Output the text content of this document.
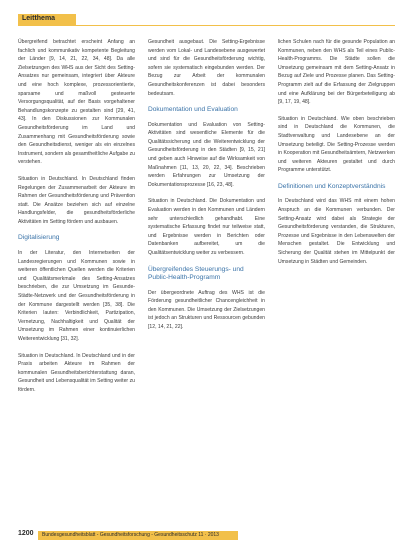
Leitthema

Übergreifend betrachtet erscheint Anfang an fachlich und kommunikativ kompetente Begleitung der Länder [9, 14, 21, 22, 34, 48]. Da alle Zielsetzungen des WHS aus der Sicht des Setting-Ansatzes nur gemeinsam, integriert über Akteure und eine hoch komplexe, prozessorientierte, sparsame und maßvoll gesteuerte Versorgungsqualität, auf der Basis vorgehaltener Behandlungskonzepte zu gestalten sind [29, 41, 43]. In den Diskussionen zur Kommunalen Gesundheitsförderung im Land und Zusammenhang mit Gesundheitsförderung sowie den Gesundheitsdienst, weniger als ein einzelnes Instrument, sondern als gesamtheitliche Aufgabe zu verstehen.

Situation in Deutschland. In Deutschland finden Regelungen der Zusammenarbeit der Akteure im Rahmen der Gesundheitsförderung und Prävention statt. Die Ansätze beziehen sich auf einzelne Handlungsfelder, die gesundheitsförderliche Aktivitäten im Setting fördern und ausbauen.

Digitalisierung

In der Literatur, den Internetseiten der Landesregierungen und Kommunen sowie in weiteren öffentlichen Quellen werden die Kriterien und Qualitätsmerkmale des Setting-Ansatzes beschrieben, die zur Umsetzung im Gesunde-Städte-Netzwerk und der Gesundheitsförderung in der Kommune dargestellt werden [35, 38]. Die Kriterien lauten: Verbindlichkeit, Partizipation, Vernetzung, Nachhaltigkeit und Qualität der Umsetzung im Rahmen einer kontinuierlichen Weiterentwicklung [31, 32].

Situation in Deutschland. In Deutschland und in der Praxis arbeiten Akteure im Rahmen der kommunalen Gesundheitsberichterstattung daran, Gesundheit und Lebensqualität im Setting weiter zu fördern.

Gesundheit ausgebaut. Die Setting-Ergebnisse werden vom Lokal- und Landesebene ausgewertet und sind für die Gesundheitsförderung wichtig, sofern sie systematisch eingebunden werden. Der Bezug zur Arbeit der kommunalen Gesundheitskonferenzen ist dabei besonders bedeutsam.

Dokumentation und Evaluation

Dokumentation und Evaluation von Setting-Aktivitäten sind wesentliche Elemente für die Qualitätssicherung und die Weiterentwicklung der Gesundheitsförderung in den Städten [9, 15, 21] und geben auch Hinweise auf die Wirksamkeit von Maßnahmen [11, 13, 20, 22, 34]. Beschrieben werden Erfahrungen zur Umsetzung der Dokumentationsprozesse [16, 23, 48].

Situation in Deutschland. Die Dokumentation und Evaluation werden in den Kommunen und Ländern sehr unterschiedlich gehandhabt. Eine systematische Erfassung findet nur teilweise statt, und Ergebnisse werden in Berichten oder Datenbanken aufbereitet, um die Qualitätsentwicklung weiter zu verbessern.

Übergreifendes Steuerungs- und Public-Health-Programm

Der übergeordnete Auftrag des WHS ist die Förderung gesundheitlicher Chancengleichheit in den Kommunen. Die Umsetzung der Zielsetzungen ist jedoch an Strukturen und Ressourcen gebunden [12, 14, 21, 22].

lichen Schulen nach für die gesunde Population an Kommunen, neben den WHS als Teil eines Public-Health-Programms. Die Städte sollen die Umsetzung gemeinsam mit dem Setting-Ansatz in Bezug auf Ziele und Prozesse planen. Das Setting-Programm zielt auf die Erfassung der Zielgruppen und eine Aufklärung bei der Bürgerbeteiligung ab [9, 17, 19, 48].

Situation in Deutschland. Wie oben beschrieben sind in Deutschland die Kommunen, die Stadtverwaltung und Landesebene an der Umsetzung beteiligt. Die Setting-Prozesse werden in Kooperation mit Gesundheitsämtern, Netzwerken und weiteren Akteuren gestaltet und durch Programme unterstützt.

Definitionen und Konzeptverständnis

In Deutschland wird das WHS mit einem hohen Anspruch an die Kommunen verbunden. Der Setting-Ansatz wird dabei als Strategie der Gesundheitsförderung verstanden, die Strukturen, Prozesse und Ergebnisse in den Lebenswelten der Menschen gestaltet. Die Entwicklung und Sicherung der Qualität stehen im Mittelpunkt der Umsetzung in Städten und Gemeinden.

1200 Bundesgesundheitsblatt - Gesundheitsforschung - Gesundheitsschutz 11 · 2013
